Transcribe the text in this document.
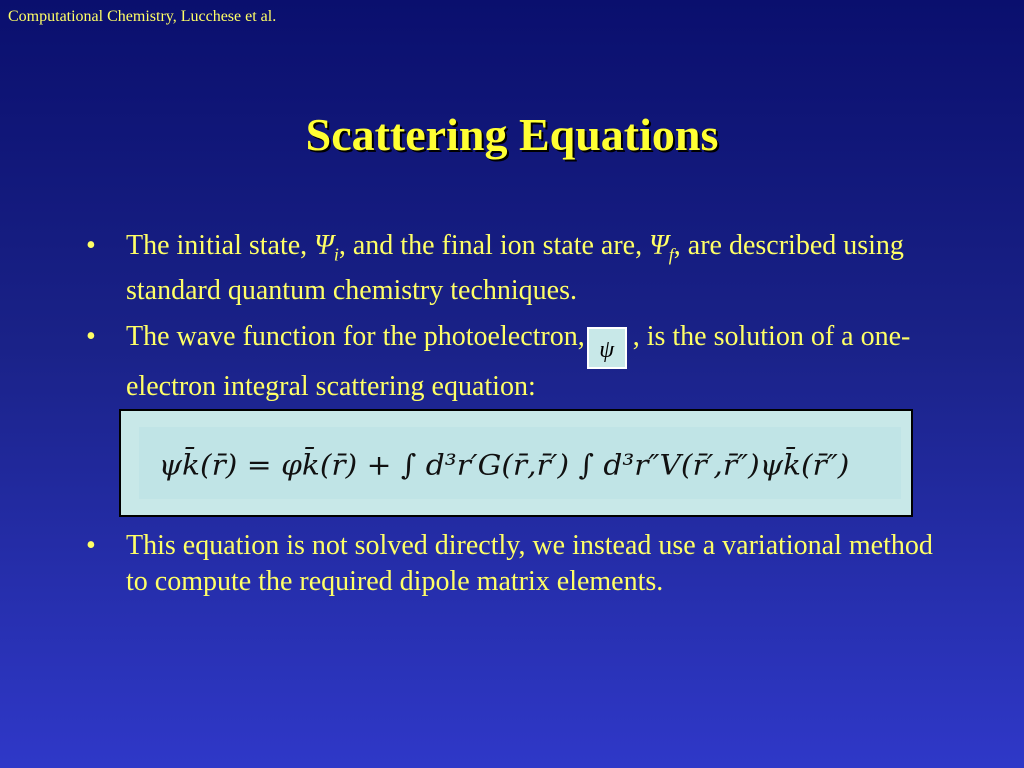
Computational Chemistry, Lucchese et al.
Scattering Equations
•	The initial state, $\Psi_i$, and the final ion state are, $\Psi_f$, are described using standard quantum chemistry techniques.
•	The wave function for the photoelectron, ψ , is the solution of a one-electron integral scattering equation:
ψk̄(r̄) = φk̄(r̄) + ∫ d³r′G(r̄,r̄′) ∫ d³r″V(r̄′,r̄″)ψk̄(r̄″)
•	This equation is not solved directly, we instead use a variational method to compute the required dipole matrix elements.
